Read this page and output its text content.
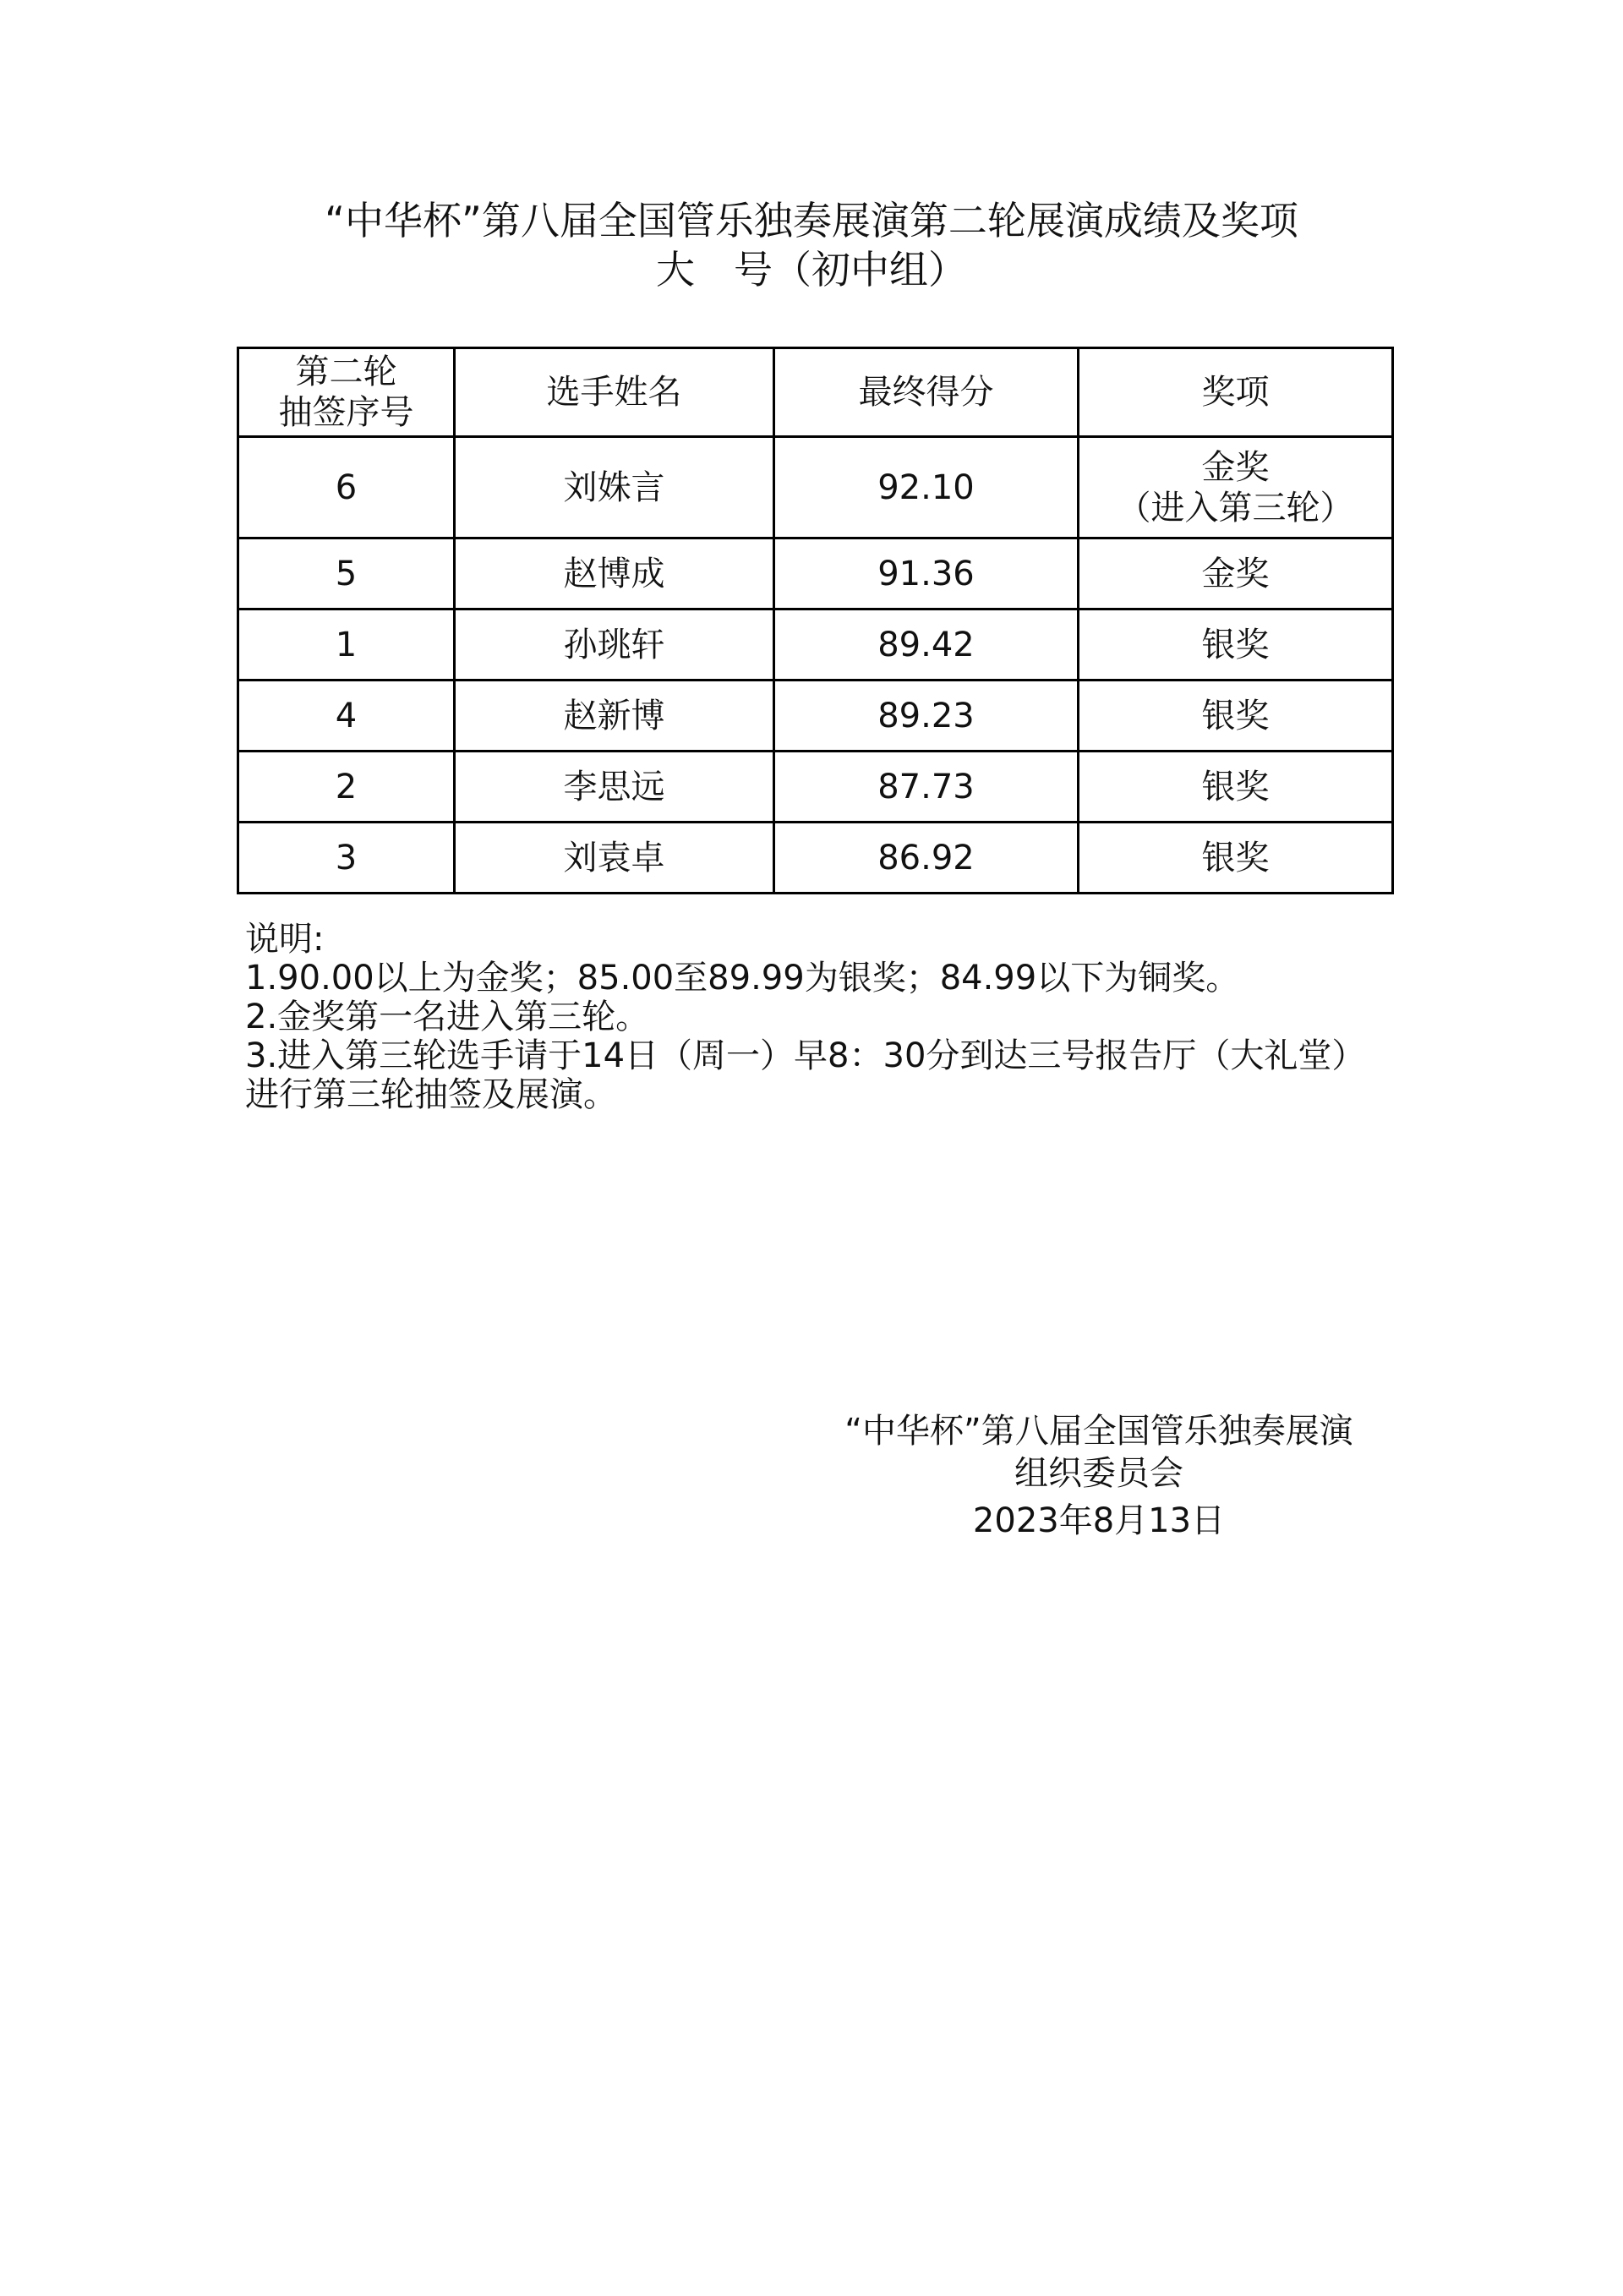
“中华杯”第八届全国管乐独奏展演第二轮展演成绩及奖项
大　号（初中组）
第二轮
抽签序号	选手姓名	最终得分	奖项
6	刘姝言	92.10	金奖
（进入第三轮）

5	赵博成	91.36	金奖
1	孙珧轩	89.42	银奖
4	赵新博	89.23	银奖
2	李思远	87.73	银奖
3	刘袁卓	86.92	银奖
说明:
1.90.00以上为金奖；85.00至89.99为银奖；84.99以下为铜奖。
2.金奖第一名进入第三轮。
3.进入第三轮选手请于14日（周一）早8：30分到达三号报告厅（大礼堂）进行第三轮抽签及展演。
“中华杯”第八届全国管乐独奏展演
组织委员会
2023年8月13日
